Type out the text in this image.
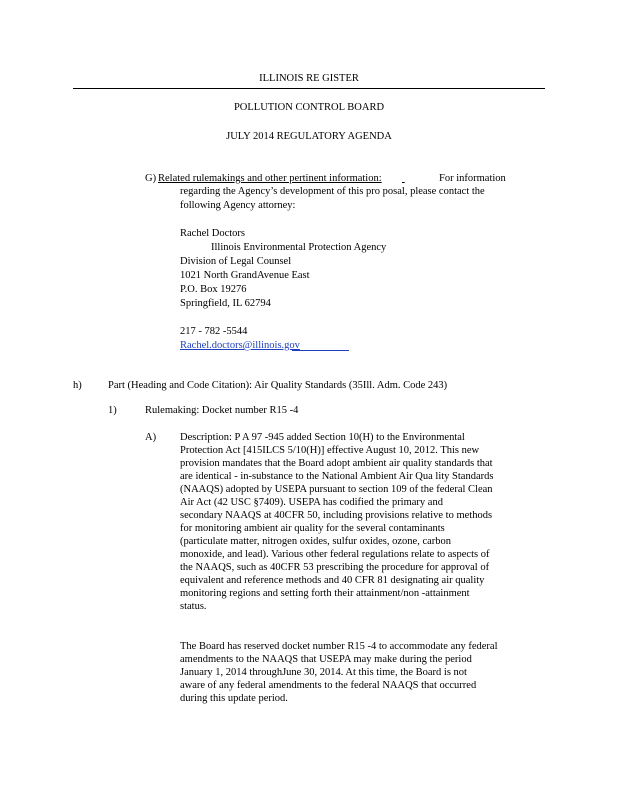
ILLINOIS RE GISTER
POLLUTION CONTROL BOARD
JULY 2014 REGULATORY AGENDA
G) Related rulemakings and other pertinent information:
	For information
regarding the Agency’s development of this pro posal, please contact the
following Agency attorney:
Rachel Doctors
Illinois Environmental Protection Agency
Division of Legal Counsel
1021 North GrandAvenue East
P.O. Box 19276
Springfield, IL 62794
217 - 782 -5544
Rachel.doctors@illinois.gov
h)	Part (Heading and Code Citation): Air Quality Standards (35Ill. Adm. Code 243)
1)	Rulemaking: Docket number R15 -4
A) Description: P A 97 -945 added Section 10(H) to the Environmental
Protection Act [415ILCS 5/10(H)] effective August 10, 2012. This new
provision mandates that the Board adopt ambient air quality standards that
are identical - in-substance to the National Ambient Air Qua lity Standards
(NAAQS) adopted by USEPA pursuant to section 109 of the federal Clean
Air Act (42 USC §7409). USEPA has codified the primary and
secondary NAAQS at 40CFR 50, including provisions relative to methods
for monitoring ambient air quality for the several contaminants
(particulate matter, nitrogen oxides, sulfur oxides, ozone, carbon
monoxide, and lead). Various other federal regulations relate to aspects of
the NAAQS, such as 40CFR 53 prescribing the procedure for approval of
equivalent and reference methods and 40 CFR 81 designating air quality
monitoring regions and setting forth their attainment/non -attainment
status.
The Board has reserved docket number R15 -4 to accommodate any federal
amendments to the NAAQS that USEPA may make during the period
January 1, 2014 throughJune 30, 2014. At this time, the Board is not
aware of any federal amendments to the federal NAAQS that occurred
during this update period.
